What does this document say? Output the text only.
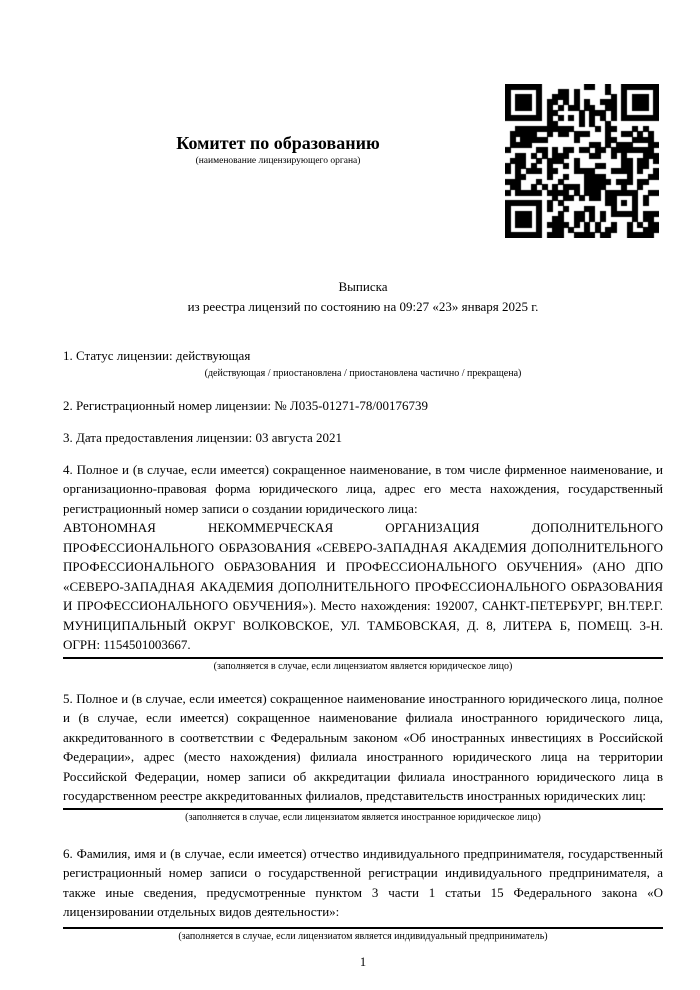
Комитет по образованию
(наименование лицензирующего органа)
Выписка
из реестра лицензий по состоянию на 09:27 «23» января 2025 г.

1. Статус лицензии: действующая

(действующая / приостановлена / приостановлена частично / прекращена)

2. Регистрационный номер лицензии: № Л035-01271-78/00176739

3. Дата предоставления лицензии: 03 августа 2021

4. Полное и (в случае, если имеется) сокращенное наименование, в том числе фирменное наименование, и организационно-правовая форма юридического лица, адрес его места нахождения, государственный регистрационный номер записи о создании юридического лица:
АВТОНОМНАЯ НЕКОММЕРЧЕСКАЯ ОРГАНИЗАЦИЯ ДОПОЛНИТЕЛЬНОГО ПРОФЕССИОНАЛЬНОГО ОБРАЗОВАНИЯ «СЕВЕРО-ЗАПАДНАЯ АКАДЕМИЯ ДОПОЛНИТЕЛЬНОГО ПРОФЕССИОНАЛЬНОГО ОБРАЗОВАНИЯ И ПРОФЕССИОНАЛЬНОГО ОБУЧЕНИЯ» (АНО ДПО «СЕВЕРО-ЗАПАДНАЯ АКАДЕМИЯ ДОПОЛНИТЕЛЬНОГО ПРОФЕССИОНАЛЬНОГО ОБРАЗОВАНИЯ И ПРОФЕССИОНАЛЬНОГО ОБУЧЕНИЯ»). Место нахождения: 192007, САНКТ-ПЕТЕРБУРГ, ВН.ТЕР.Г. МУНИЦИПАЛЬНЫЙ ОКРУГ ВОЛКОВСКОЕ, УЛ. ТАМБОВСКАЯ, Д. 8, ЛИТЕРА Б, ПОМЕЩ. 3-Н. ОГРН: 1154501003667.

(заполняется в случае, если лицензиатом является юридическое лицо)

5. Полное и (в случае, если имеется) сокращенное наименование иностранного юридического лица, полное и (в случае, если имеется) сокращенное наименование филиала иностранного юридического лица, аккредитованного в соответствии с Федеральным законом «Об иностранных инвестициях в Российской Федерации», адрес (место нахождения) филиала иностранного юридического лица на территории Российской Федерации, номер записи об аккредитации филиала иностранного юридического лица в государственном реестре аккредитованных филиалов, представительств иностранных юридических лиц:

(заполняется в случае, если лицензиатом является иностранное юридическое лицо)

6. Фамилия, имя и (в случае, если имеется) отчество индивидуального предпринимателя, государственный регистрационный номер записи о государственной регистрации индивидуального предпринимателя, а также иные сведения, предусмотренные пунктом 3 части 1 статьи 15 Федерального закона «О лицензировании отдельных видов деятельности»:

(заполняется в случае, если лицензиатом является индивидуальный предприниматель)
1
